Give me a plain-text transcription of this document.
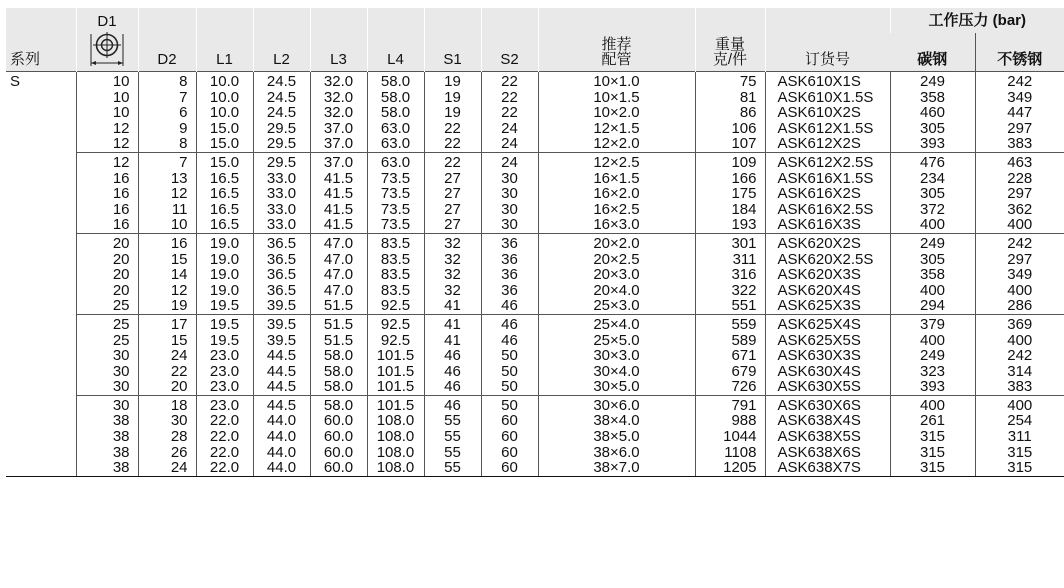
系列	D1	D2	L1	L2	L3	L4	S1	S2	推荐
配管	重量
克/件	订货号	工作压力 (bar)	
												碳钢	不锈钢
S	10	8	10.0	24.5	32.0	58.0	19	22	10×1.0	75	ASK610X1S	249	242
	10	7	10.0	24.5	32.0	58.0	19	22	10×1.5	81	ASK610X1.5S	358	349
	10	6	10.0	24.5	32.0	58.0	19	22	10×2.0	86	ASK610X2S	460	447
	12	9	15.0	29.5	37.0	63.0	22	24	12×1.5	106	ASK612X1.5S	305	297
	12	8	15.0	29.5	37.0	63.0	22	24	12×2.0	107	ASK612X2S	393	383
	12	7	15.0	29.5	37.0	63.0	22	24	12×2.5	109	ASK612X2.5S	476	463
	16	13	16.5	33.0	41.5	73.5	27	30	16×1.5	166	ASK616X1.5S	234	228
	16	12	16.5	33.0	41.5	73.5	27	30	16×2.0	175	ASK616X2S	305	297
	16	11	16.5	33.0	41.5	73.5	27	30	16×2.5	184	ASK616X2.5S	372	362
	16	10	16.5	33.0	41.5	73.5	27	30	16×3.0	193	ASK616X3S	400	400
	20	16	19.0	36.5	47.0	83.5	32	36	20×2.0	301	ASK620X2S	249	242
	20	15	19.0	36.5	47.0	83.5	32	36	20×2.5	311	ASK620X2.5S	305	297
	20	14	19.0	36.5	47.0	83.5	32	36	20×3.0	316	ASK620X3S	358	349
	20	12	19.0	36.5	47.0	83.5	32	36	20×4.0	322	ASK620X4S	400	400
	25	19	19.5	39.5	51.5	92.5	41	46	25×3.0	551	ASK625X3S	294	286
	25	17	19.5	39.5	51.5	92.5	41	46	25×4.0	559	ASK625X4S	379	369
	25	15	19.5	39.5	51.5	92.5	41	46	25×5.0	589	ASK625X5S	400	400
	30	24	23.0	44.5	58.0	101.5	46	50	30×3.0	671	ASK630X3S	249	242
	30	22	23.0	44.5	58.0	101.5	46	50	30×4.0	679	ASK630X4S	323	314
	30	20	23.0	44.5	58.0	101.5	46	50	30×5.0	726	ASK630X5S	393	383
	30	18	23.0	44.5	58.0	101.5	46	50	30×6.0	791	ASK630X6S	400	400
	38	30	22.0	44.0	60.0	108.0	55	60	38×4.0	988	ASK638X4S	261	254
	38	28	22.0	44.0	60.0	108.0	55	60	38×5.0	1044	ASK638X5S	315	311
	38	26	22.0	44.0	60.0	108.0	55	60	38×6.0	1108	ASK638X6S	315	315
	38	24	22.0	44.0	60.0	108.0	55	60	38×7.0	1205	ASK638X7S	315	315
